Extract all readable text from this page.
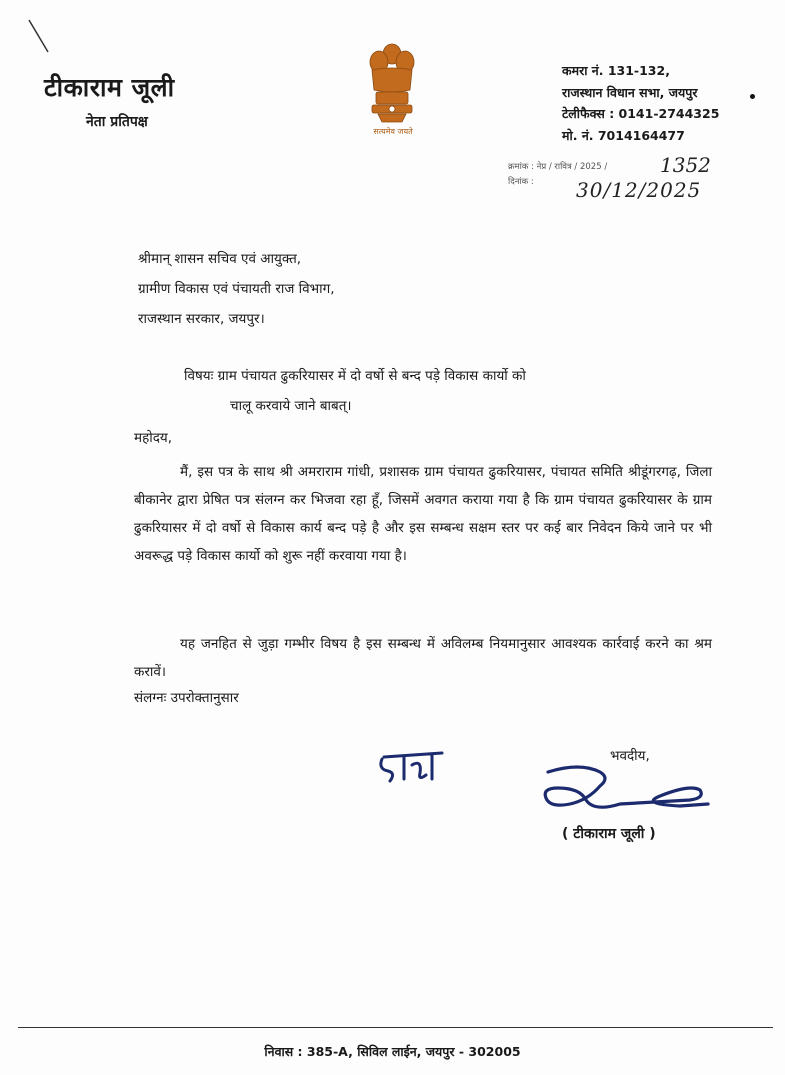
टीकाराम जूली
नेता प्रतिपक्ष
सत्यमेव जयते
कमरा नं. 131-132,
राजस्थान विधान सभा, जयपुर
टेलीफैक्स : 0141-2744325
मो. नं. 7014164477
क्रमांक : नेप्र / रावित्र / 2025 /
दिनांक :
1352
30/12/2025
श्रीमान् शासन सचिव एवं आयुक्त,
ग्रामीण विकास एवं पंचायती राज विभाग,
राजस्थान सरकार, जयपुर।
विषयः ग्राम पंचायत ढुकरियासर में दो वर्षो से बन्द पड़े विकास कार्यो को
चालू करवाये जाने बाबत्।
महोदय,
मैं, इस पत्र के साथ श्री अमराराम गांधी, प्रशासक ग्राम पंचायत ढुकरियासर, पंचायत समिति श्रीडूंगरगढ़, जिला बीकानेर द्वारा प्रेषित पत्र संलग्न कर भिजवा रहा हूँ, जिसमें अवगत कराया गया है कि ग्राम पंचायत ढुकरियासर के ग्राम ढुकरियासर में दो वर्षो से विकास कार्य बन्द पड़े है और इस सम्बन्ध सक्षम स्तर पर कई बार निवेदन किये जाने पर भी अवरूद्ध पड़े विकास कार्यो को शुरू नहीं करवाया गया है।
यह जनहित से जुड़ा गम्भीर विषय है इस सम्बन्ध में अविलम्ब नियमानुसार आवश्यक कार्रवाई करने का श्रम करावें।
संलग्नः उपरोक्तानुसार
भवदीय,
( टीकाराम जूली )
निवास : 385-A, सिविल लाईन, जयपुर - 302005
